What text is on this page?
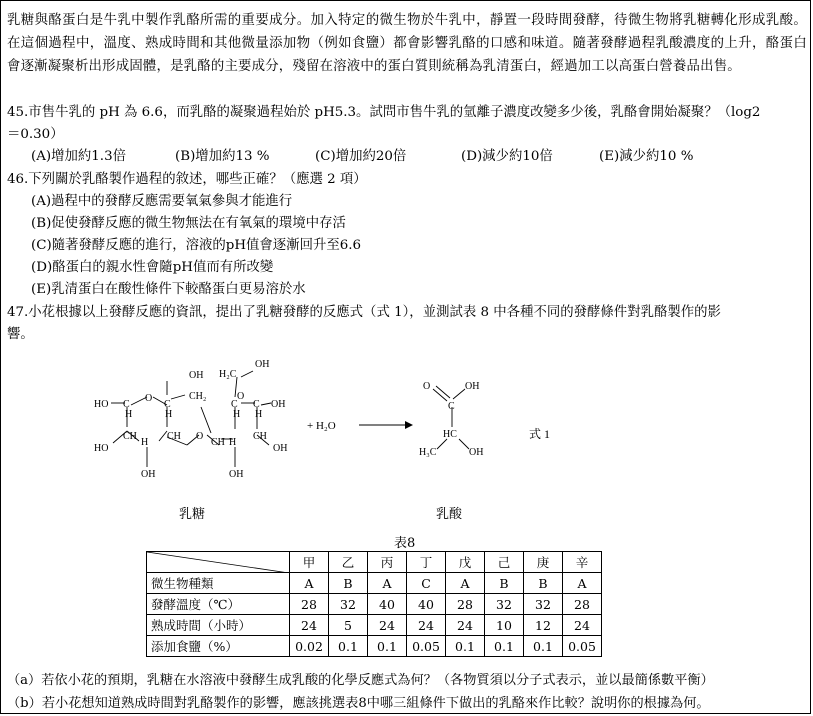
乳糖與酪蛋白是牛乳中製作乳酪所需的重要成分。加入特定的微生物於牛乳中，靜置一段時間發酵，待微生物將乳糖轉化形成乳酸。在這個過程中，溫度、熟成時間和其他微量添加物（例如食鹽）都會影響乳酪的口感和味道。隨著發酵過程乳酸濃度的上升，酪蛋白會逐漸凝聚析出形成固體，是乳酪的主要成分，殘留在溶液中的蛋白質則統稱為乳清蛋白，經過加工以高蛋白營養品出售。

45.市售牛乳的 pH 為 6.6，而乳酪的凝聚過程始於 pH5.3。試問市售牛乳的氫離子濃度改變多少後，乳酪會開始凝聚？（log2
＝0.30）
(A)增加約1.3倍	(B)增加約13 %	(C)增加約20倍	(D)減少約10倍	(E)減少約10 %
46.下列關於乳酪製作過程的敘述，哪些正確？（應選 2 項）
(A)過程中的發酵反應需要氧氣參與才能進行
(B)促使發酵反應的微生物無法在有氧氣的環境中存活
(C)隨著發酵反應的進行，溶液的pH值會逐漸回升至6.6
(D)酪蛋白的親水性會隨pH值而有所改變
(E)乳清蛋白在酸性條件下較酪蛋白更易溶於水
47.小花根據以上發酵反應的資訊，提出了乳糖發酵的反應式（式 1），並測試表 8 中各種不同的發酵條件對乳酪製作的影
響。
OH
CH₂
H₂C
OH
HO C
O
C
H	H
C C
O
OH
H H
HO
CH
H
CH O
CH H
CH
OH
OH	OH
+ H₂O
O	OH
C
HC
H₃C	OH
式 1
乳糖	乳酸
表8
	甲	乙	丙	丁	戊	己	庚	辛
微生物種類	A	B	A	C	A	B	B	A
發酵溫度（℃）	28	32	40	40	28	32	32	28
熟成時間（小時）	24	5	24	24	24	10	12	24
添加食鹽（%）	0.02	0.1	0.1	0.05	0.1	0.1	0.1	0.05
（a）若依小花的預期，乳糖在水溶液中發酵生成乳酸的化學反應式為何？（各物質須以分子式表示，並以最簡係數平衡）
（b）若小花想知道熟成時間對乳酪製作的影響，應該挑選表8中哪三組條件下做出的乳酪來作比較？說明你的根據為何。
